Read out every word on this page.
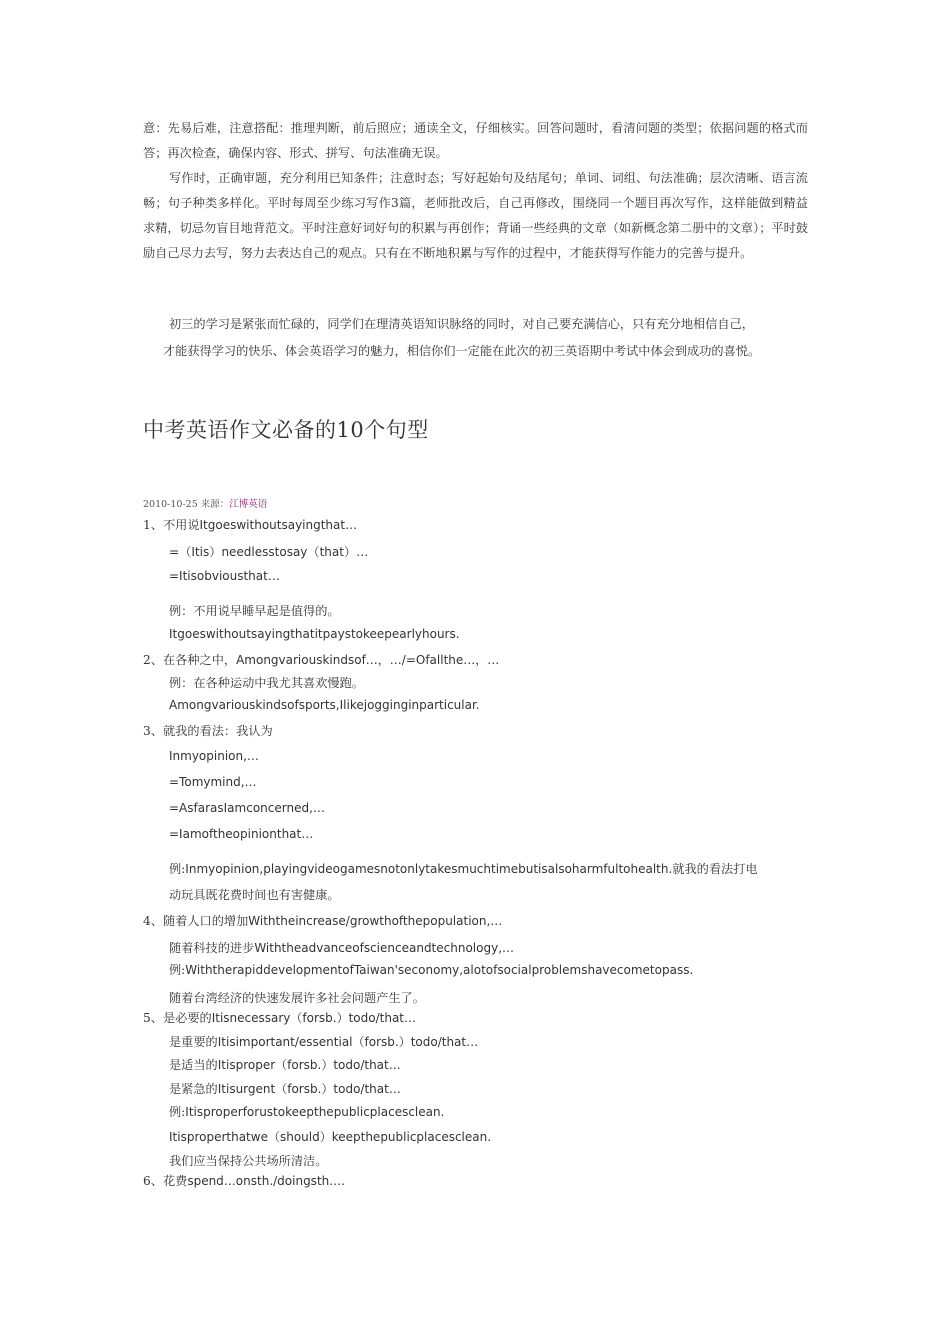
意：先易后难，注意搭配：推理判断，前后照应；通读全文，仔细核实。回答问题时，看清问题的类型；依据问题的格式而答；再次检查，确保内容、形式、拼写、句法准确无误。

写作时，正确审题，充分利用已知条件；注意时态；写好起始句及结尾句；单词、词组、句法准确；层次清晰、语言流畅；句子种类多样化。平时每周至少练习写作3篇，老师批改后，自己再修改，围绕同一个题目再次写作，这样能做到精益求精，切忌勿盲目地背范文。平时注意好词好句的积累与再创作；背诵一些经典的文章（如新概念第二册中的文章）；平时鼓励自己尽力去写，努力去表达自己的观点。只有在不断地积累与写作的过程中，才能获得写作能力的完善与提升。

初三的学习是紧张而忙碌的，同学们在理清英语知识脉络的同时，对自己要充满信心，只有充分地相信自己，
才能获得学习的快乐、体会英语学习的魅力，相信你们一定能在此次的初三英语期中考试中体会到成功的喜悦。

中考英语作文必备的10个句型
2010-10-25 来源：江博英语
1、不用说Itgoeswithoutsayingthat…
=（Itis）needlesstosay（that）…
=Itisobviousthat…
例：不用说早睡早起是值得的。
Itgoeswithoutsayingthatitpaystokeepearlyhours.
2、在各种之中，Amongvariouskindsof…，…/=Ofallthe…，…
例：在各种运动中我尤其喜欢慢跑。
Amongvariouskindsofsports,Ilikejogginginparticular.
3、就我的看法：我认为
Inmyopinion,…
=Tomymind,…
=AsfarasIamconcerned,…
=Iamoftheopinionthat…
例:Inmyopinion,playingvideogamesnotonlytakesmuchtimebutisalsoharmfultohealth.就我的看法打电
动玩具既花费时间也有害健康。
4、随着人口的增加Withtheincrease/growthofthepopulation,…
随着科技的进步Withtheadvanceofscienceandtechnology,…
例:WiththerapiddevelopmentofTaiwan'seconomy,alotofsocialproblemshavecometopass.
随着台湾经济的快速发展许多社会问题产生了。
5、是必要的Itisnecessary（forsb.）todo/that…
是重要的Itisimportant/essential（forsb.）todo/that…
是适当的Itisproper（forsb.）todo/that…
是紧急的Itisurgent（forsb.）todo/that…
例:Itisproperforustokeepthepublicplacesclean.
Itisproperthatwe（should）keepthepublicplacesclean.
我们应当保持公共场所清洁。
6、花费spend…onsth./doingsth.…
